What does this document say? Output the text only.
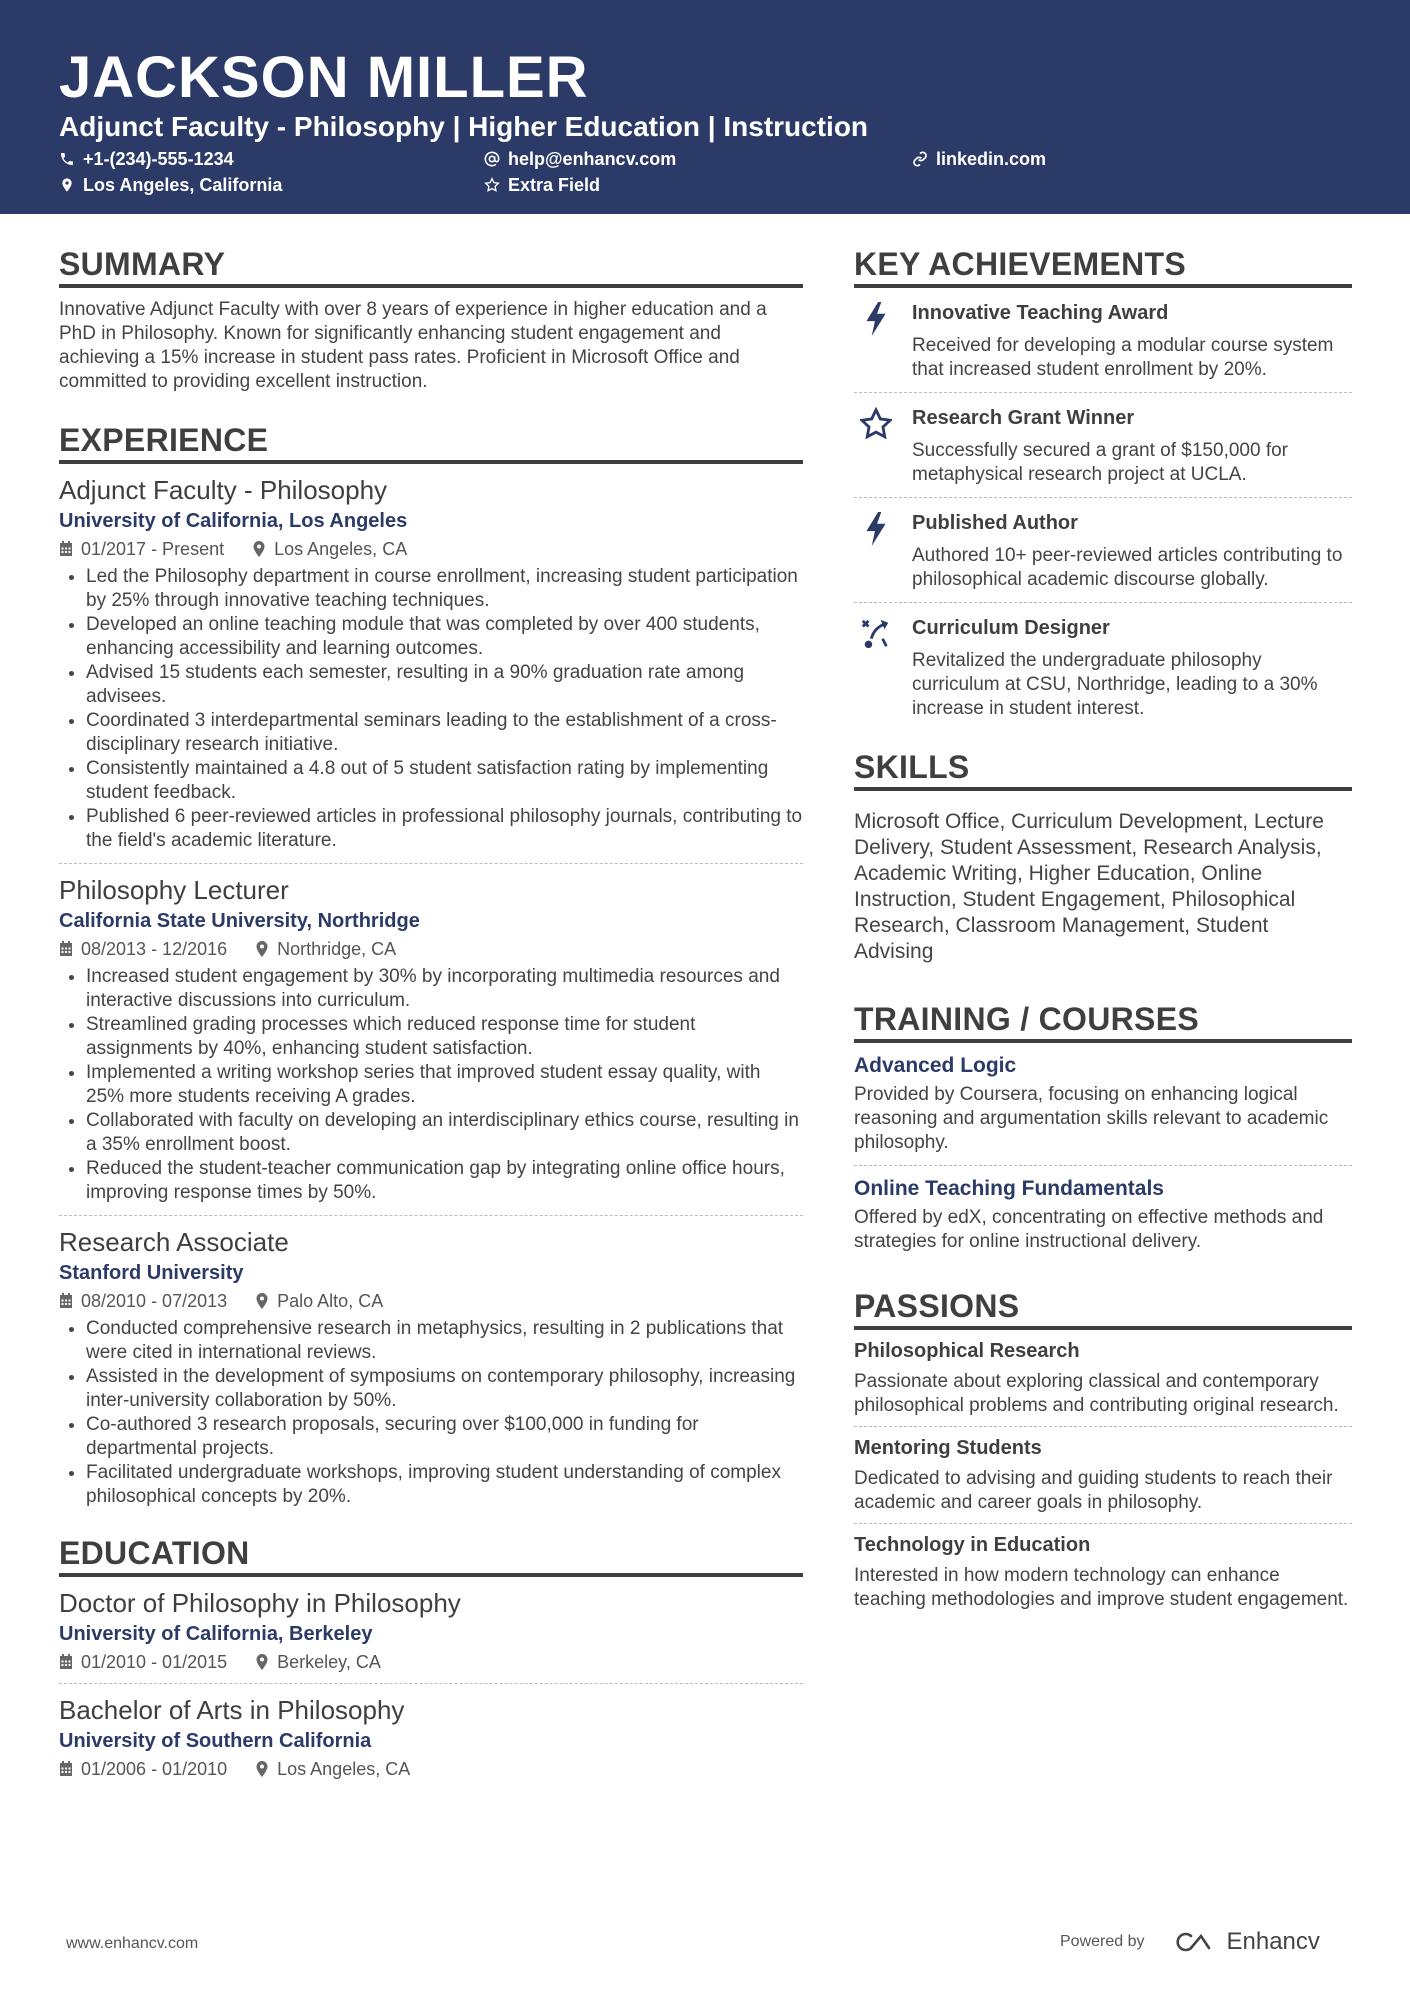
JACKSON MILLER
Adjunct Faculty - Philosophy | Higher Education | Instruction
+1-(234)-555-1234	help@enhancv.com	linkedin.com
Los Angeles, California	Extra Field
SUMMARY
Innovative Adjunct Faculty with over 8 years of experience in higher education and a PhD in Philosophy. Known for significantly enhancing student engagement and achieving a 15% increase in student pass rates. Proficient in Microsoft Office and committed to providing excellent instruction.
EXPERIENCE
Adjunct Faculty - Philosophy
University of California, Los Angeles
01/2017 - Present	Los Angeles, CA
• Led the Philosophy department in course enrollment, increasing student participation by 25% through innovative teaching techniques.
• Developed an online teaching module that was completed by over 400 students, enhancing accessibility and learning outcomes.
• Advised 15 students each semester, resulting in a 90% graduation rate among advisees.
• Coordinated 3 interdepartmental seminars leading to the establishment of a cross-disciplinary research initiative.
• Consistently maintained a 4.8 out of 5 student satisfaction rating by implementing student feedback.
• Published 6 peer-reviewed articles in professional philosophy journals, contributing to the field's academic literature.
Philosophy Lecturer
California State University, Northridge
08/2013 - 12/2016	Northridge, CA
• Increased student engagement by 30% by incorporating multimedia resources and interactive discussions into curriculum.
• Streamlined grading processes which reduced response time for student assignments by 40%, enhancing student satisfaction.
• Implemented a writing workshop series that improved student essay quality, with 25% more students receiving A grades.
• Collaborated with faculty on developing an interdisciplinary ethics course, resulting in a 35% enrollment boost.
• Reduced the student-teacher communication gap by integrating online office hours, improving response times by 50%.
Research Associate
Stanford University
08/2010 - 07/2013	Palo Alto, CA
• Conducted comprehensive research in metaphysics, resulting in 2 publications that were cited in international reviews.
• Assisted in the development of symposiums on contemporary philosophy, increasing inter-university collaboration by 50%.
• Co-authored 3 research proposals, securing over $100,000 in funding for departmental projects.
• Facilitated undergraduate workshops, improving student understanding of complex philosophical concepts by 20%.
EDUCATION
Doctor of Philosophy in Philosophy
University of California, Berkeley
01/2010 - 01/2015	Berkeley, CA
Bachelor of Arts in Philosophy
University of Southern California
01/2006 - 01/2010	Los Angeles, CA
KEY ACHIEVEMENTS
Innovative Teaching Award
Received for developing a modular course system that increased student enrollment by 20%.
Research Grant Winner
Successfully secured a grant of $150,000 for metaphysical research project at UCLA.
Published Author
Authored 10+ peer-reviewed articles contributing to philosophical academic discourse globally.
Curriculum Designer
Revitalized the undergraduate philosophy curriculum at CSU, Northridge, leading to a 30% increase in student interest.
SKILLS
Microsoft Office, Curriculum Development, Lecture Delivery, Student Assessment, Research Analysis, Academic Writing, Higher Education, Online Instruction, Student Engagement, Philosophical Research, Classroom Management, Student Advising
TRAINING / COURSES
Advanced Logic
Provided by Coursera, focusing on enhancing logical reasoning and argumentation skills relevant to academic philosophy.
Online Teaching Fundamentals
Offered by edX, concentrating on effective methods and strategies for online instructional delivery.
PASSIONS
Philosophical Research
Passionate about exploring classical and contemporary philosophical problems and contributing original research.
Mentoring Students
Dedicated to advising and guiding students to reach their academic and career goals in philosophy.
Technology in Education
Interested in how modern technology can enhance teaching methodologies and improve student engagement.
www.enhancv.com	Powered by	Enhancv
